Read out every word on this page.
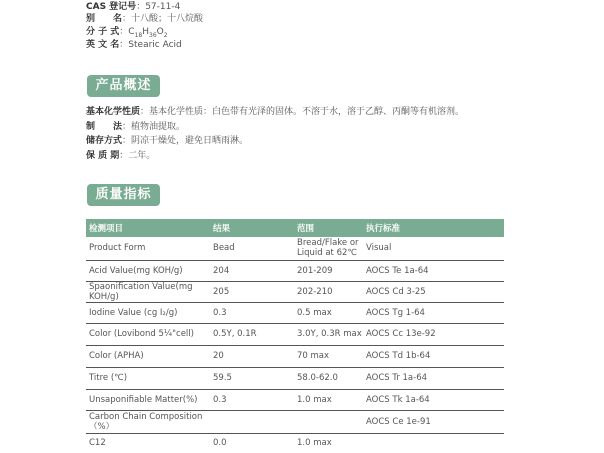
CAS 登记号：57-11-4
别　　名：十八酸；十八烷酸
分 子 式：$C_{18}H_{36}O_2$
英 文 名：Stearic Acid
产品概述
基本化学性质：基本化学性质：白色带有光泽的固体。不溶于水，溶于乙醇、丙酮等有机溶剂。
制　　法：植物油提取。
储存方式：阴凉干燥处，避免日晒雨淋。
保 质 期：二年。
质量指标
检测项目	结果	范围	执行标准
Product Form	Bead	Bread/Flake or Liquid at 62℃	Visual
Acid Value(mg KOH/g)	204	201-209	AOCS Te 1a-64
Spaonification Value(mg KOH/g)	205	202-210	AOCS Cd 3-25
Iodine Value (cg I₂/g)	0.3	0.5 max	AOCS Tg 1-64
Color (Lovibond 5¼"cell)	0.5Y, 0.1R	3.0Y, 0.3R max	AOCS Cc 13e-92
Color (APHA)	20	70 max	AOCS Td 1b-64
Titre (℃)	59.5	58.0-62.0	AOCS Tr 1a-64
Unsaponifiable Matter(%)	0.3	1.0 max	AOCS Tk 1a-64
Carbon Chain Composition（%）			AOCS Ce 1e-91
C12	0.0	1.0 max	
